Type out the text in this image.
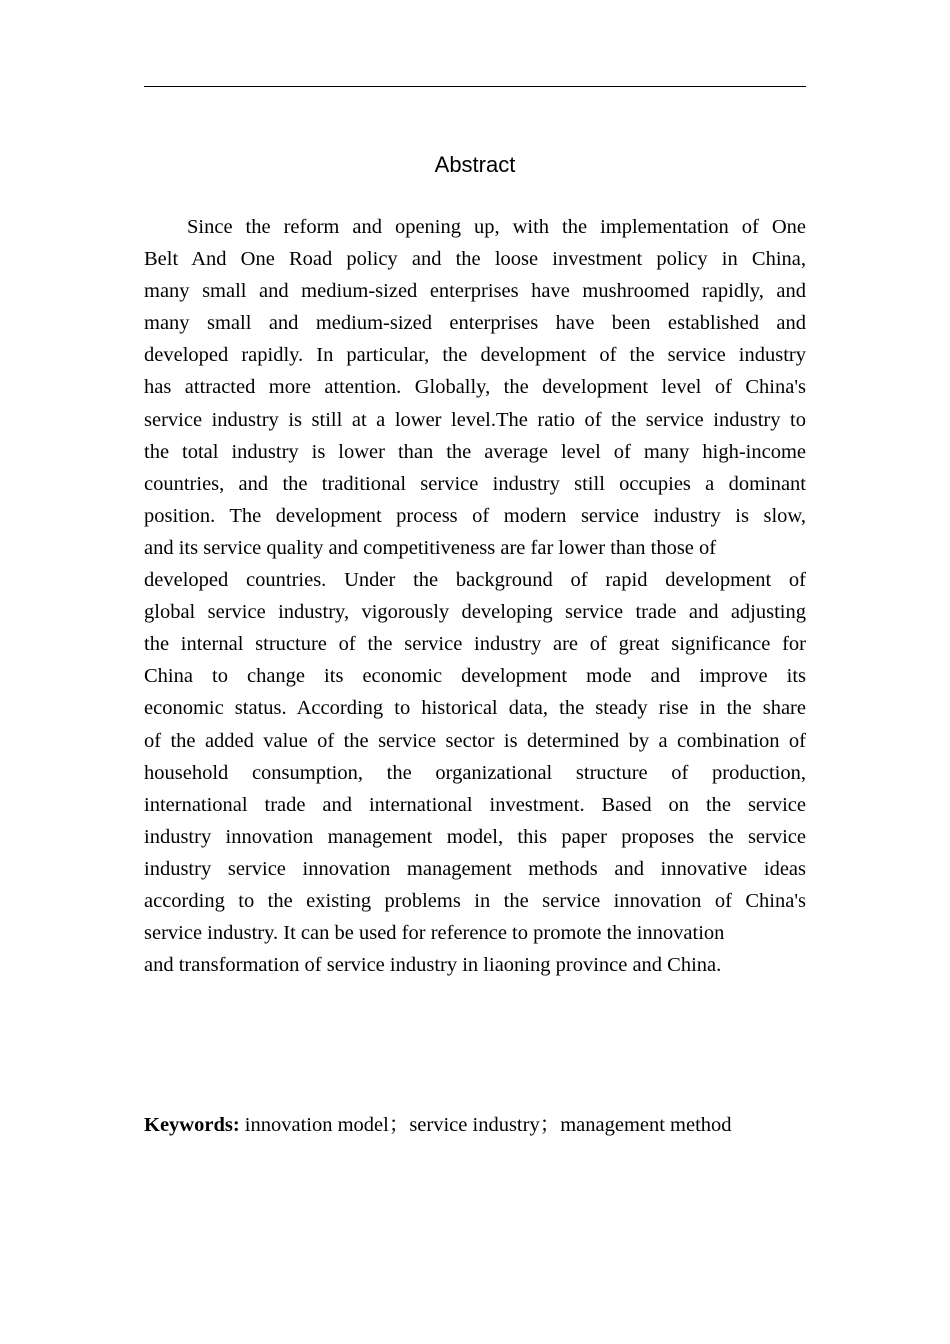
Abstract
Since the reform and opening up, with the implementation of One
Belt And One Road policy and the loose investment policy in China,
many small and medium-sized enterprises have mushroomed rapidly, and
many small and medium-sized enterprises have been established and
developed rapidly. In particular, the development of the service industry
has attracted more attention. Globally, the development level of China's
service industry is still at a lower level.The ratio of the service industry to
the total industry is lower than the average level of many high-income
countries, and the traditional service industry still occupies a dominant
position. The development process of modern service industry is slow,
and its service quality and competitiveness are far lower than those of
developed countries. Under the background of rapid development of
global service industry, vigorously developing service trade and adjusting
the internal structure of the service industry are of great significance for
China to change its economic development mode and improve its
economic status. According to historical data, the steady rise in the share
of the added value of the service sector is determined by a combination of
household consumption, the organizational structure of production,
international trade and international investment. Based on the service
industry innovation management model, this paper proposes the service
industry service innovation management methods and innovative ideas
according to the existing problems in the service innovation of China's
service industry. It can be used for reference to promote the innovation
and transformation of service industry in liaoning province and China.

Keywords: innovation model；service industry；management method
